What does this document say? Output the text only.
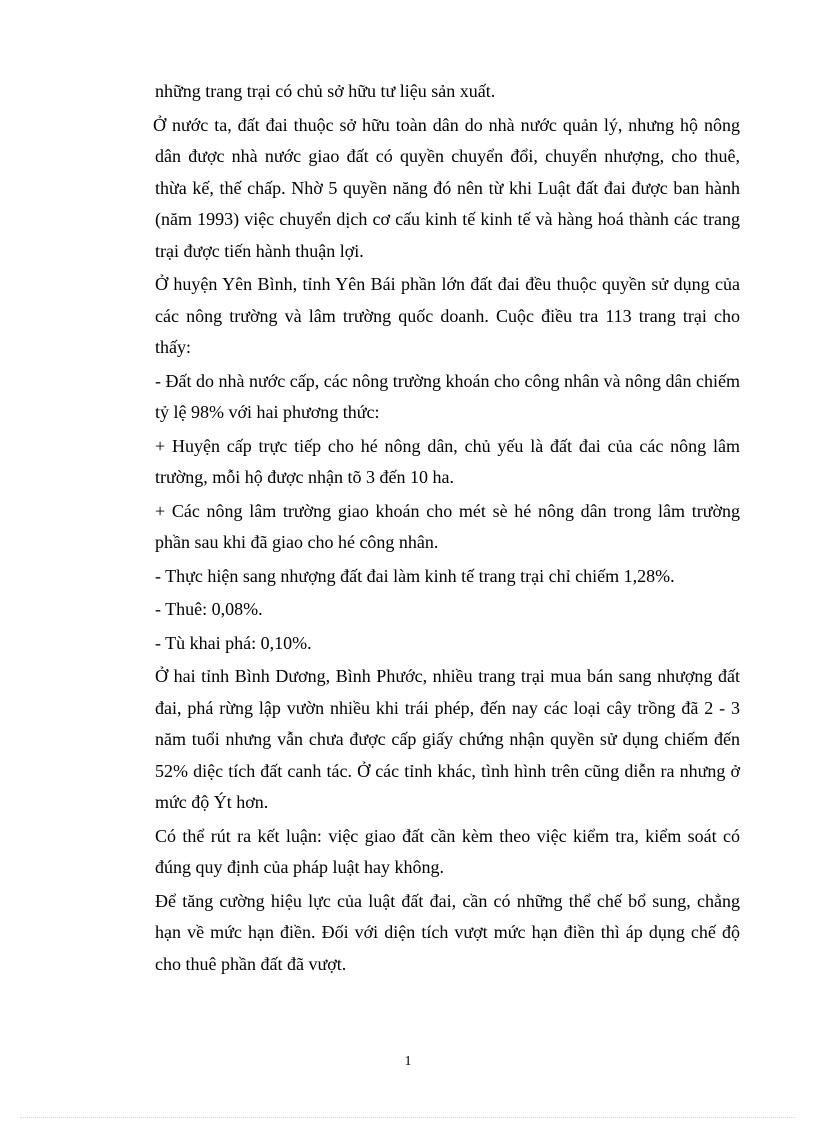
những trang trại có chủ sở hữu tư liệu sản xuất.

Ở nước ta, đất đai thuộc sở hữu toàn dân do nhà nước quản lý, nhưng hộ nông dân được nhà nước giao đất có quyền chuyển đổi, chuyển nhượng, cho thuê, thừa kế, thế chấp. Nhờ 5 quyền năng đó nên từ khi Luật đất đai được ban hành (năm 1993) việc chuyển dịch cơ cấu kinh tế kinh tế và hàng hoá thành các trang trại được tiến hành thuận lợi.

Ở huyện Yên Bình, tỉnh Yên Bái phần lớn đất đai đều thuộc quyền sử dụng của các nông trường và lâm trường quốc doanh. Cuộc điều tra 113 trang trại cho thấy:

- Đất do nhà nước cấp, các nông trường khoán cho công nhân và nông dân chiếm tỷ lệ 98% với hai phương thức:

+ Huyện cấp trực tiếp cho hé nông dân, chủ yếu là đất đai của các nông lâm trường, mỗi hộ được nhận tõ 3 đến 10 ha.

+ Các nông lâm trường giao khoán cho mét sè hé nông dân trong lâm trường phần sau khi đã giao cho hé công nhân.

- Thực hiện sang nhượng đất đai làm kinh tế trang trại chỉ chiếm 1,28%.

- Thuê: 0,08%.

- Tù khai phá: 0,10%.

Ở hai tỉnh Bình Dương, Bình Phước, nhiều trang trại mua bán sang nhượng đất đai, phá rừng lập vườn nhiều khi trái phép, đến nay các loại cây trồng đã 2 - 3 năm tuổi nhưng vẫn chưa được cấp giấy chứng nhận quyền sử dụng chiếm đến 52% diệc tích đất canh tác. Ở các tỉnh khác, tình hình trên cũng diễn ra nhưng ở mức độ Ýt hơn.

Có thể rút ra kết luận: việc giao đất cần kèm theo việc kiểm tra, kiểm soát có đúng quy định của pháp luật hay không.

Để tăng cường hiệu lực của luật đất đai, cần có những thể chế bổ sung, chẳng hạn về mức hạn điền. Đối với diện tích vượt mức hạn điền thì áp dụng chế độ cho thuê phần đất đã vượt.

1
